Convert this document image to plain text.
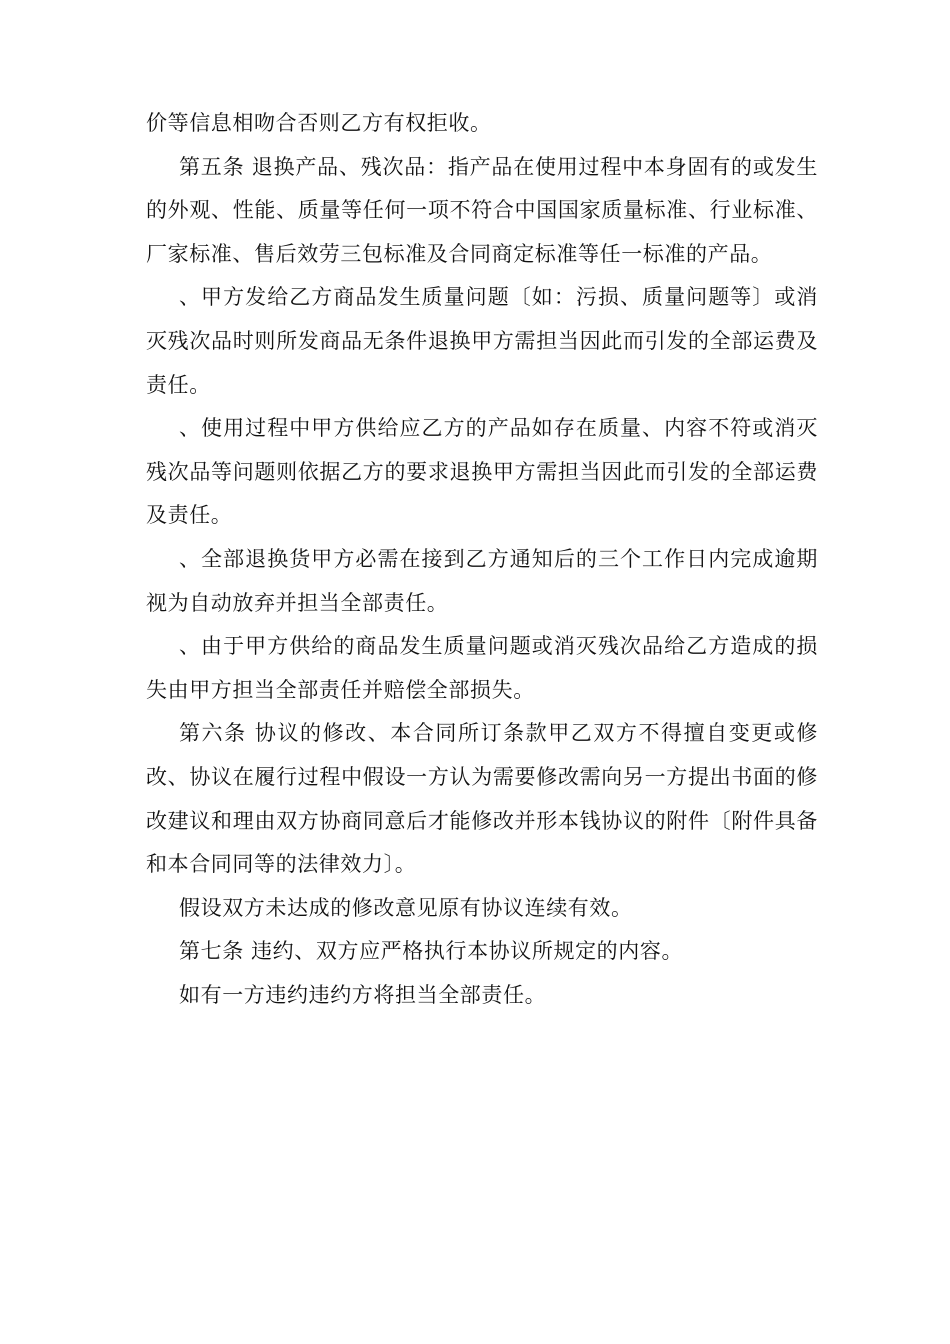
价等信息相吻合否则乙方有权拒收。

第五条 退换产品、残次品：指产品在使用过程中本身固有的或发生的外观、性能、质量等任何一项不符合中国国家质量标准、行业标准、厂家标准、售后效劳三包标准及合同商定标准等任一标准的产品。

、甲方发给乙方商品发生质量问题〔如：污损、质量问题等〕或消灭残次品时则所发商品无条件退换甲方需担当因此而引发的全部运费及责任。

、使用过程中甲方供给应乙方的产品如存在质量、内容不符或消灭残次品等问题则依据乙方的要求退换甲方需担当因此而引发的全部运费及责任。

、全部退换货甲方必需在接到乙方通知后的三个工作日内完成逾期视为自动放弃并担当全部责任。

、由于甲方供给的商品发生质量问题或消灭残次品给乙方造成的损失由甲方担当全部责任并赔偿全部损失。

第六条 协议的修改、本合同所订条款甲乙双方不得擅自变更或修改、协议在履行过程中假设一方认为需要修改需向另一方提出书面的修改建议和理由双方协商同意后才能修改并形本钱协议的附件〔附件具备和本合同同等的法律效力〕。

假设双方未达成的修改意见原有协议连续有效。

第七条 违约、双方应严格执行本协议所规定的内容。

如有一方违约违约方将担当全部责任。
